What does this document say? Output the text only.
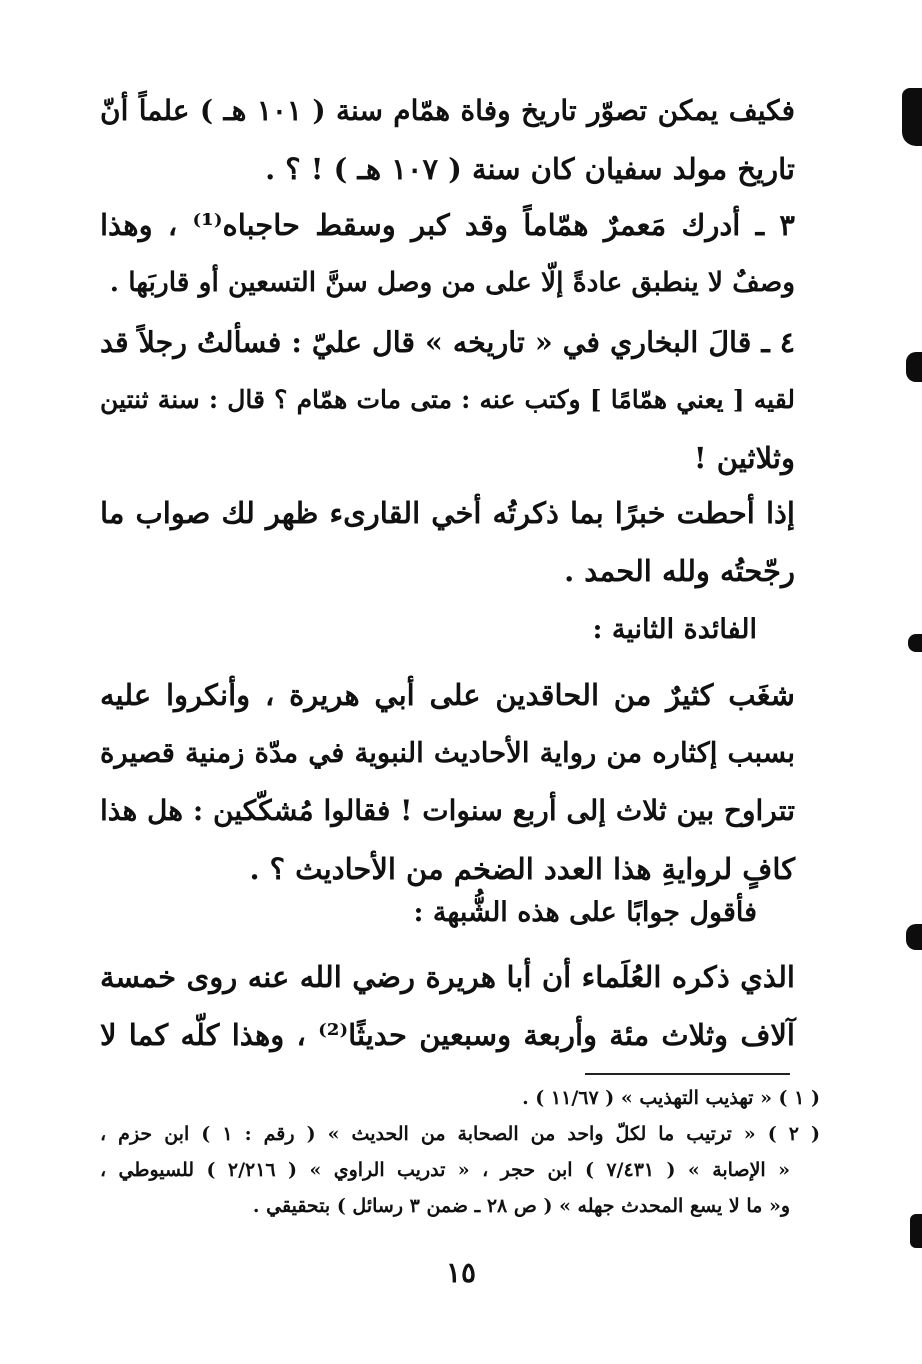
فكيف يمكن تصوّر تاريخ وفاة همّام سنة ( ١٠١ هـ ) علماً أنّ
تاريخ مولد سفيان كان سنة ( ١٠٧ هـ ) ! ؟ .
٣ ـ أدرك مَعمرٌ همّاماً وقد كبر وسقط حاجباه⁽¹⁾ ، وهذا
وصفٌ لا ينطبق عادةً إلّا على من وصل سنَّ التسعين أو قاربَها .
٤ ـ قالَ البخاري في « تاريخه » قال عليّ : فسألتُ رجلاً قد
لقيه [ يعني همّامًا ] وكتب عنه : متى مات همّام ؟ قال : سنة ثنتين
وثلاثين !
إذا أحطت خبرًا بما ذكرتُه أخي القارىء ظهر لك صواب ما
رجّحتُه ولله الحمد .
الفائدة الثانية :
شغَب كثيرٌ من الحاقدين على أبي هريرة ، وأنكروا عليه
بسبب إكثاره من رواية الأحاديث النبوية في مدّة زمنية قصيرة
تتراوح بين ثلاث إلى أربع سنوات ! فقالوا مُشكّكين : هل هذا
كافٍ لروايةِ هذا العدد الضخم من الأحاديث ؟ .
فأقول جوابًا على هذه الشُّبهة :
الذي ذكره العُلَماء أن أبا هريرة رضي الله عنه روى خمسة
آلاف وثلاث مئة وأربعة وسبعين حديثًا⁽²⁾ ، وهذا كلّه كما لا
( ١ ) « تهذيب التهذيب » ( ١١/٦٧ ) .
( ٢ ) « ترتيب ما لكلّ واحد من الصحابة من الحديث » ( رقم : ١ ) ابن حزم ،
« الإصابة » ( ٧/٤٣١ ) ابن حجر ، « تدريب الراوي » ( ٢/٢١٦ ) للسيوطي ،
و« ما لا يسع المحدث جهله » ( ص ٢٨ ـ ضمن ٣ رسائل ) بتحقيقي .
١٥
